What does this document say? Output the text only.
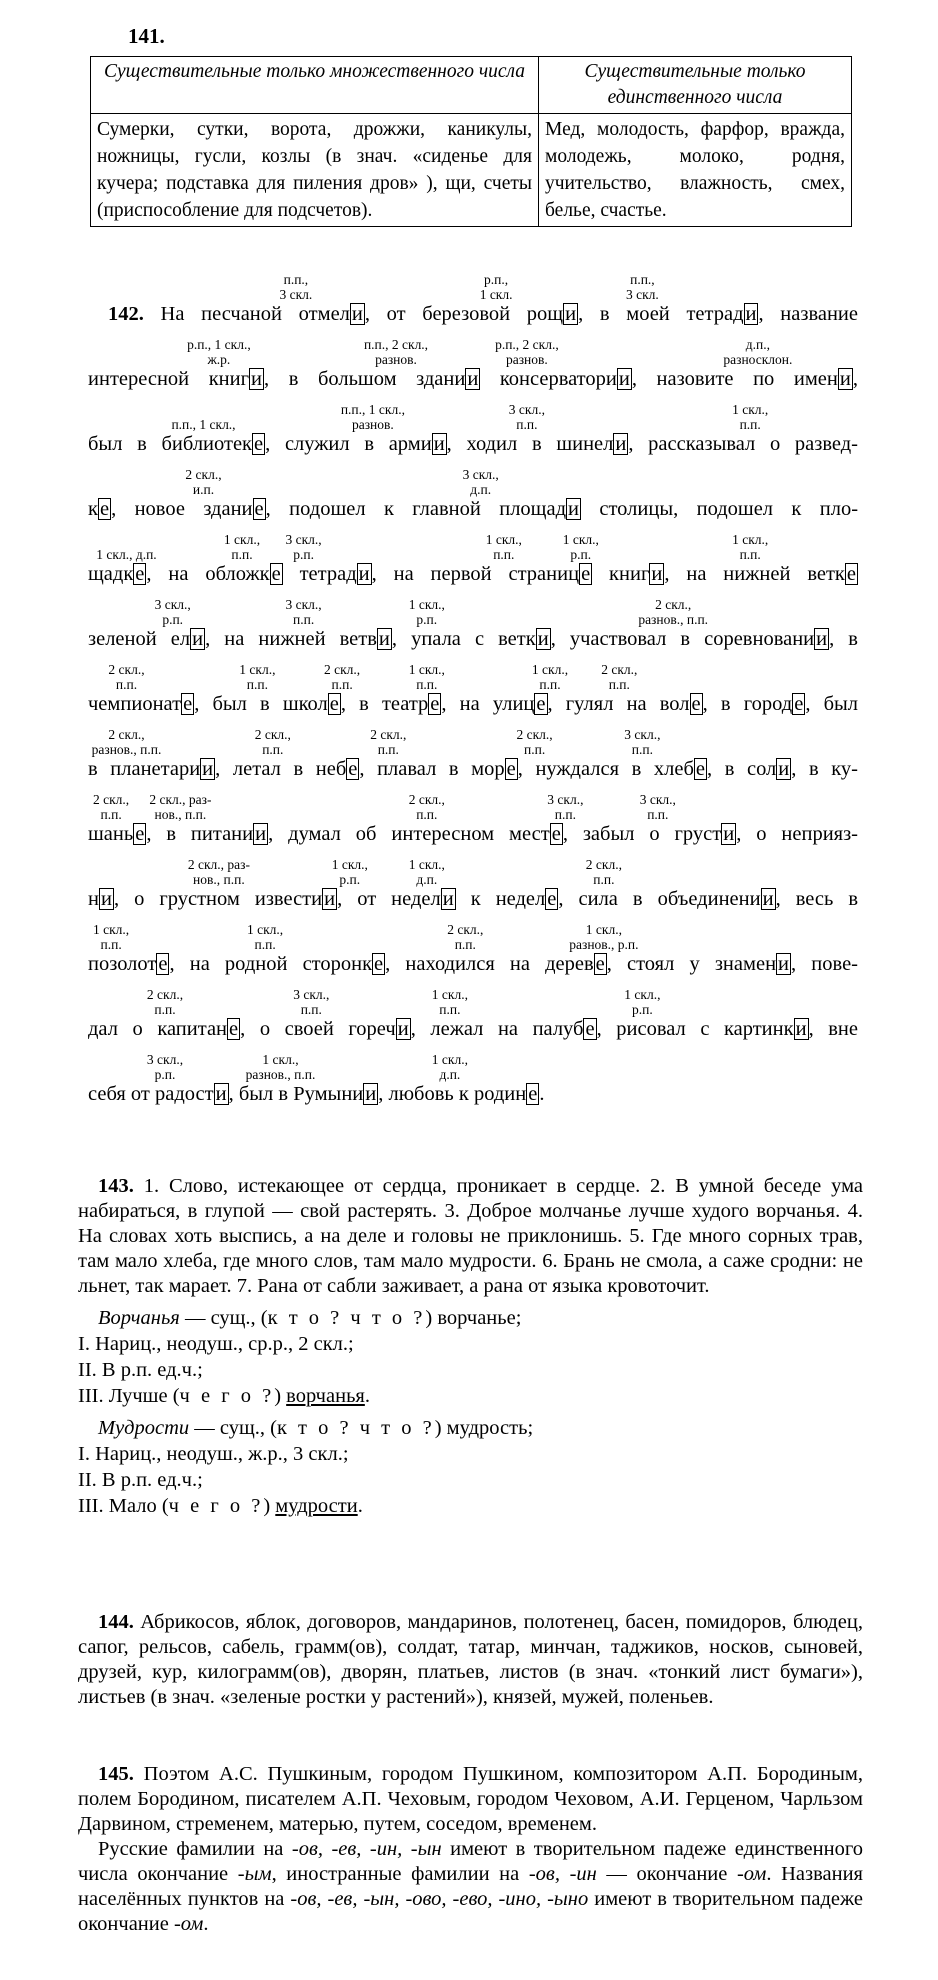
141.
Существительные только множественного числа	Существительные только единственного числа
Сумерки, сутки, ворота, дрожжи, каникулы, ножницы, гусли, козлы (в знач. «сиденье для кучера; подставка для пиления дров» ), щи, счеты (приспособление для подсчетов).	Мед, молодость, фарфор, вражда, молодежь, молоко, родня, учительство, влажность, смех, белье, счастье.
п.п.,
3 скл.
р.п.,
1 скл.
п.п.,
3 скл.
142. На песчаной отмели, от березовой рощи, в моей тетради, название
р.п., 1 скл.,
ж.р.
п.п., 2 скл.,
разнов.
р.п., 2 скл.,
разнов.
д.п.,
разносклон.
интересной книги, в большом здании консерватории, назовите по имени,
п.п., 1 скл.,
п.п., 1 скл.,
разнов.
3 скл.,
п.п.
1 скл.,
п.п.
был в библиотеке, служил в армии, ходил в шинели, рассказывал о развед-
2 скл.,
и.п.
3 скл.,
д.п.
ке, новое здание, подошел к главной площади столицы, подошел к пло-
1 скл., д.п.
1 скл.,
п.п.
3 скл.,
р.п.
1 скл.,
п.п.
1 скл.,
р.п.
1 скл.,
п.п.
щадке, на обложке тетради, на первой странице книги, на нижней ветке
3 скл.,
р.п.
3 скл.,
п.п.
1 скл.,
р.п.
2 скл.,
разнов., п.п.
зеленой ели, на нижней ветви, упала с ветки, участвовал в соревновании, в
2 скл.,
п.п.
1 скл.,
п.п.
2 скл.,
п.п.
1 скл.,
п.п.
1 скл.,
п.п.
2 скл.,
п.п.
чемпионате, был в школе, в театре, на улице, гулял на воле, в городе, был
2 скл.,
разнов., п.п.
2 скл.,
п.п.
2 скл.,
п.п.
2 скл.,
п.п.
3 скл.,
п.п.
в планетарии, летал в небе, плавал в море, нуждался в хлебе, в соли, в ку-
2 скл.,
п.п.
2 скл., раз-
нов., п.п.
2 скл.,
п.п.
3 скл.,
п.п.
3 скл.,
п.п.
шанье, в питании, думал об интересном месте, забыл о грусти, о неприяз-
2 скл., раз-
нов., п.п.
1 скл.,
р.п.
1 скл.,
д.п.
2 скл.,
п.п.
ни, о грустном известии, от недели к неделе, сила в объединении, весь в
1 скл.,
п.п.
1 скл.,
п.п.
2 скл.,
п.п.
1 скл.,
разнов., р.п.
позолоте, на родной сторонке, находился на дереве, стоял у знамени, пове-
2 скл.,
п.п.
3 скл.,
п.п.
1 скл.,
п.п.
1 скл.,
р.п.
дал о капитане, о своей горечи, лежал на палубе, рисовал с картинки, вне
3 скл.,
р.п.
1 скл.,
разнов., п.п.
1 скл.,
д.п.
себя от радости, был в Румынии, любовь к родине.

143. 1. Слово, истекающее от сердца, проникает в сердце. 2. В умной беседе ума набираться, в глупой — свой растерять. 3. Доброе молчанье лучше худого ворчанья. 4. На словах хоть выспись, а на деле и головы не приклонишь. 5. Где много сорных трав, там мало хлеба, где много слов, там мало мудрости. 6. Брань не смола, а саже сродни: не льнет, так марает. 7. Рана от сабли заживает, а рана от языка кровоточит.

Ворчанья — сущ., (к т о ? ч т о ?) ворчанье;
I. Нариц., неодуш., ср.р., 2 скл.;
II. В р.п. ед.ч.;
III. Лучше (ч е г о ?) ворчанья.
Мудрости — сущ., (к т о ? ч т о ?) мудрость;
I. Нариц., неодуш., ж.р., 3 скл.;
II. В р.п. ед.ч.;
III. Мало (ч е г о ?) мудрости.

144. Абрикосов, яблок, договоров, мандаринов, полотенец, басен, помидоров, блюдец, сапог, рельсов, сабель, грамм(ов), солдат, татар, минчан, таджиков, носков, сыновей, друзей, кур, килограмм(ов), дворян, платьев, листов (в знач. «тонкий лист бумаги»), листьев (в знач. «зеленые ростки у растений»), князей, мужей, поленьев.

145. Поэтом А.С. Пушкиным, городом Пушкином, композитором А.П. Бородиным, полем Бородином, писателем А.П. Чеховым, городом Чеховом, А.И. Герценом, Чарльзом Дарвином, стременем, матерью, путем, соседом, временем.

Русские фамилии на -ов, -ев, -ин, -ын имеют в творительном падеже единственного числа окончание -ым, иностранные фамилии на -ов, -ин — окончание -ом. Названия населённых пунктов на -ов, -ев, -ын, -ово, -ево, -ино, -ыно имеют в творительном падеже окончание -ом.
